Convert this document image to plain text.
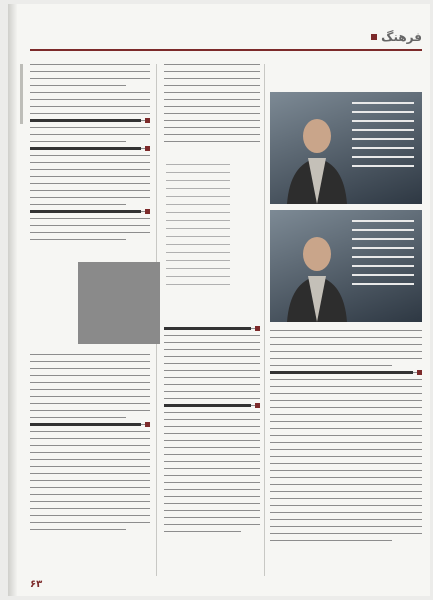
فرهنگ
۶۳
